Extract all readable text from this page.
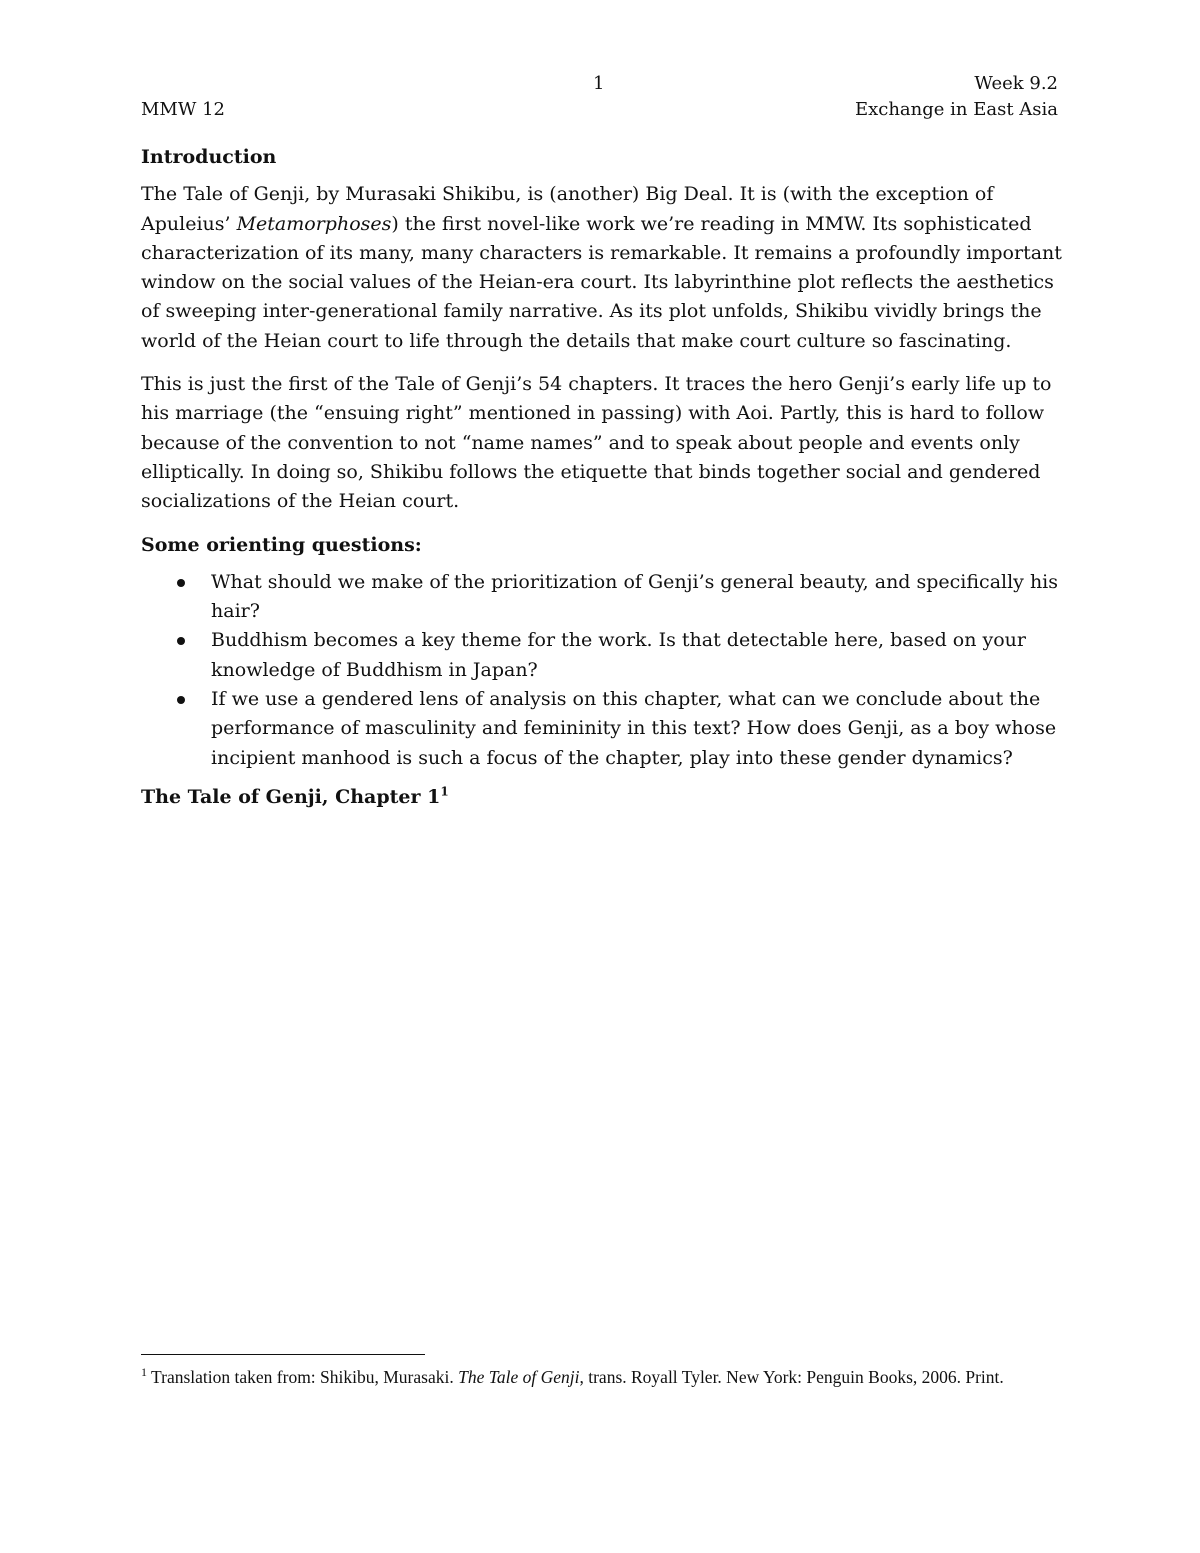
1	Week 9.2
MMW 12	Exchange in East Asia
Introduction

The Tale of Genji, by Murasaki Shikibu, is (another) Big Deal. It is (with the exception of Apuleius’ Metamorphoses) the first novel-like work we’re reading in MMW. Its sophisticated characterization of its many, many characters is remarkable. It remains a profoundly important window on the social values of the Heian-era court. Its labyrinthine plot reflects the aesthetics of sweeping inter-generational family narrative. As its plot unfolds, Shikibu vividly brings the world of the Heian court to life through the details that make court culture so fascinating.

This is just the first of the Tale of Genji’s 54 chapters. It traces the hero Genji’s early life up to his marriage (the “ensuing right” mentioned in passing) with Aoi. Partly, this is hard to follow because of the convention to not “name names” and to speak about people and events only elliptically. In doing so, Shikibu follows the etiquette that binds together social and gendered socializations of the Heian court.

Some orienting questions:
What should we make of the prioritization of Genji’s general beauty, and specifically his hair?
Buddhism becomes a key theme for the work. Is that detectable here, based on your knowledge of Buddhism in Japan?
If we use a gendered lens of analysis on this chapter, what can we conclude about the performance of masculinity and femininity in this text? How does Genji, as a boy whose incipient manhood is such a focus of the chapter, play into these gender dynamics?
The Tale of Genji, Chapter $1^1$
$^1$ Translation taken from: Shikibu, Murasaki. The Tale of Genji, trans. Royall Tyler. New York: Penguin Books, 2006. Print.
